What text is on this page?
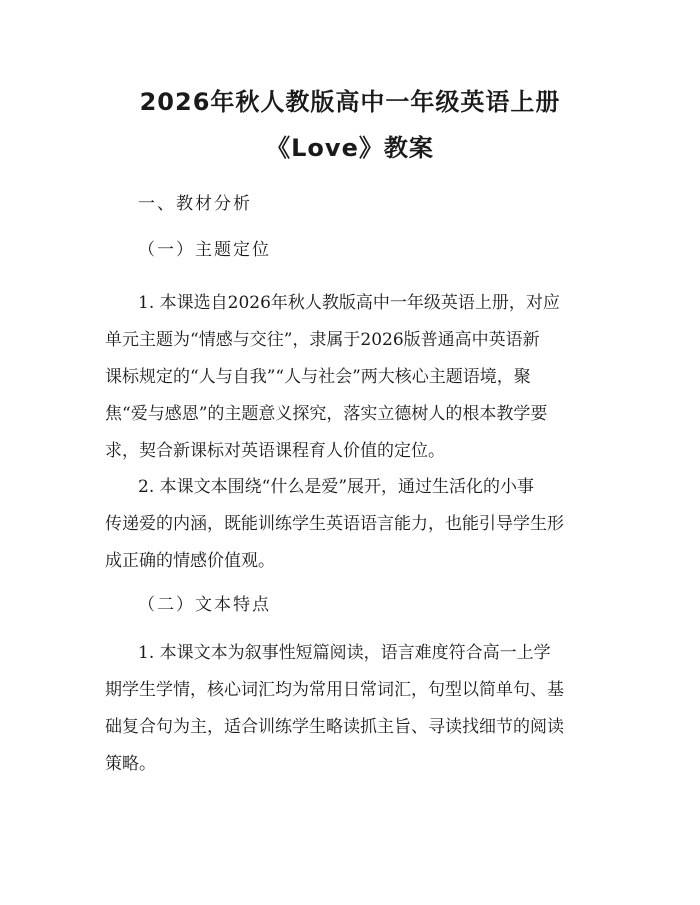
2026年秋人教版高中一年级英语上册
《Love》教案
一、教材分析
（一）主题定位

1. 本课选自2026年秋人教版高中一年级英语上册，对应
单元主题为“情感与交往”，隶属于2026版普通高中英语新
课标规定的“人与自我”“人与社会”两大核心主题语境，聚
焦“爱与感恩”的主题意义探究，落实立德树人的根本教学要
求，契合新课标对英语课程育人价值的定位。

2. 本课文本围绕“什么是爱”展开，通过生活化的小事
传递爱的内涵，既能训练学生英语语言能力，也能引导学生形
成正确的情感价值观。

（二）文本特点

1. 本课文本为叙事性短篇阅读，语言难度符合高一上学
期学生学情，核心词汇均为常用日常词汇，句型以简单句、基
础复合句为主，适合训练学生略读抓主旨、寻读找细节的阅读
策略。
